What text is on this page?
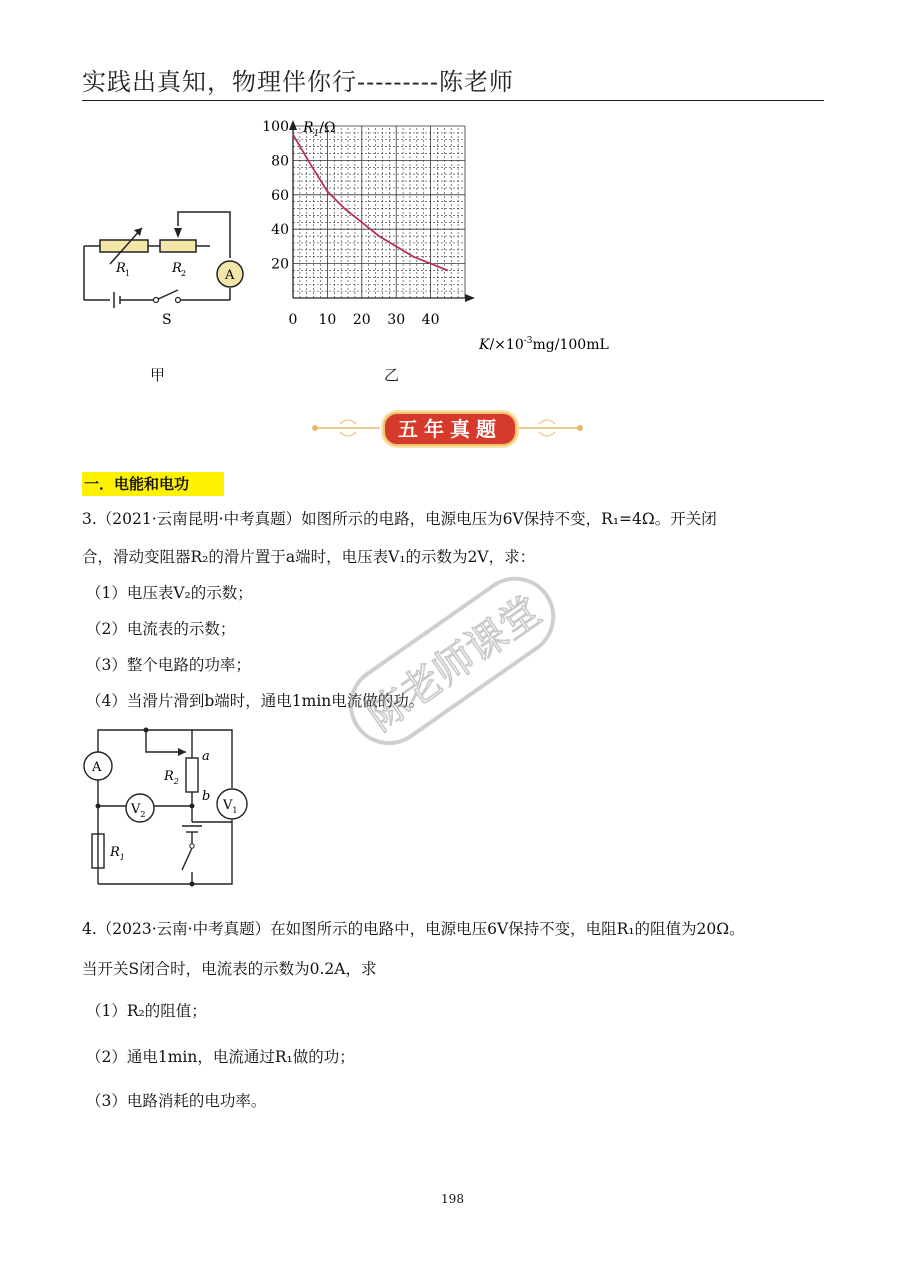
实践出真知，物理伴你行---------陈老师
R 1	R 2	A
S
甲
$R_1/\Omega$
$K/\times 10^{-3}mg/100mL$
0 10 20 30 40
20
40
60
80
100
乙
五年真题
一．电能和电功
3.（2021·云南昆明·中考真题）如图所示的电路，电源电压为6V保持不变，R₁=4Ω。开关闭
合，滑动变阻器R₂的滑片置于a端时，电压表V₁的示数为2V，求：
（1）电压表V₂的示数；
（2）电流表的示数；
（3）整个电路的功率；
（4）当滑片滑到b端时，通电1min电流做的功。
A
$R_2$
a
b
$V_1$
$V_2$
$R_1$
4.（2023·云南·中考真题）在如图所示的电路中，电源电压6V保持不变，电阻R₁的阻值为20Ω。
当开关S闭合时，电流表的示数为0.2A，求
（1）R₂的阻值；
（2）通电1min，电流通过R₁做的功；
（3）电路消耗的电功率。
陈老师课堂
198
